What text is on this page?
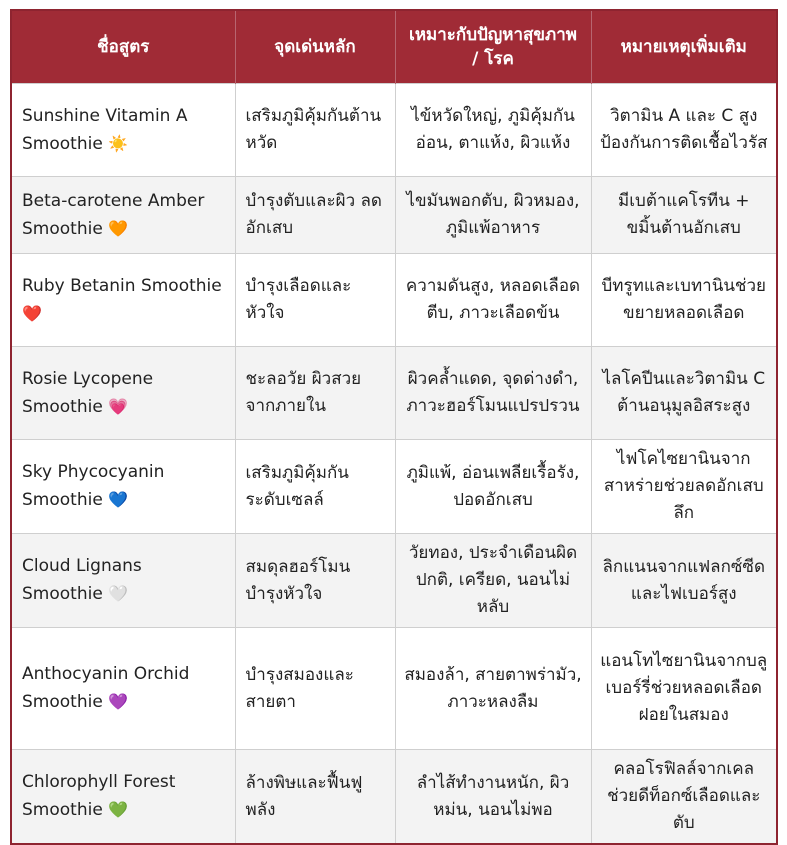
ชื่อสูตร	จุดเด่นหลัก	เหมาะกับปัญหาสุขภาพ / โรค	หมายเหตุเพิ่มเติม
Sunshine Vitamin A Smoothie ☀️	เสริมภูมิคุ้มกันต้านหวัด	ไข้หวัดใหญ่, ภูมิคุ้มกันอ่อน, ตาแห้ง, ผิวแห้ง	วิตามิน A และ C สูง ป้องกันการติดเชื้อไวรัส
Beta-carotene Amber Smoothie 🧡	บำรุงตับและผิว ลดอักเสบ	ไขมันพอกตับ, ผิวหมอง, ภูมิแพ้อาหาร	มีเบต้าแคโรทีน + ขมิ้นต้านอักเสบ
Ruby Betanin Smoothie ❤️	บำรุงเลือดและหัวใจ	ความดันสูง, หลอดเลือดตีบ, ภาวะเลือดข้น	บีทรูทและเบทานินช่วยขยายหลอดเลือด
Rosie Lycopene Smoothie 💗	ชะลอวัย ผิวสวยจากภายใน	ผิวคล้ำแดด, จุดด่างดำ, ภาวะฮอร์โมนแปรปรวน	ไลโคปีนและวิตามิน C ต้านอนุมูลอิสระสูง
Sky Phycocyanin Smoothie 💙	เสริมภูมิคุ้มกันระดับเซลล์	ภูมิแพ้, อ่อนเพลียเรื้อรัง, ปอดอักเสบ	ไฟโคไซยานินจากสาหร่ายช่วยลดอักเสบลึก
Cloud Lignans Smoothie 🤍	สมดุลฮอร์โมน บำรุงหัวใจ	วัยทอง, ประจำเดือนผิดปกติ, เครียด, นอนไม่หลับ	ลิกแนนจากแฟลกซ์ซีดและไฟเบอร์สูง
Anthocyanin Orchid Smoothie 💜	บำรุงสมองและสายตา	สมองล้า, สายตาพร่ามัว, ภาวะหลงลืม	แอนโทไซยานินจากบลูเบอร์รี่ช่วยหลอดเลือดฝอยในสมอง
Chlorophyll Forest Smoothie 💚	ล้างพิษและฟื้นฟูพลัง	ลำไส้ทำงานหนัก, ผิวหม่น, นอนไม่พอ	คลอโรฟิลล์จากเคลช่วยดีท็อกซ์เลือดและตับ
